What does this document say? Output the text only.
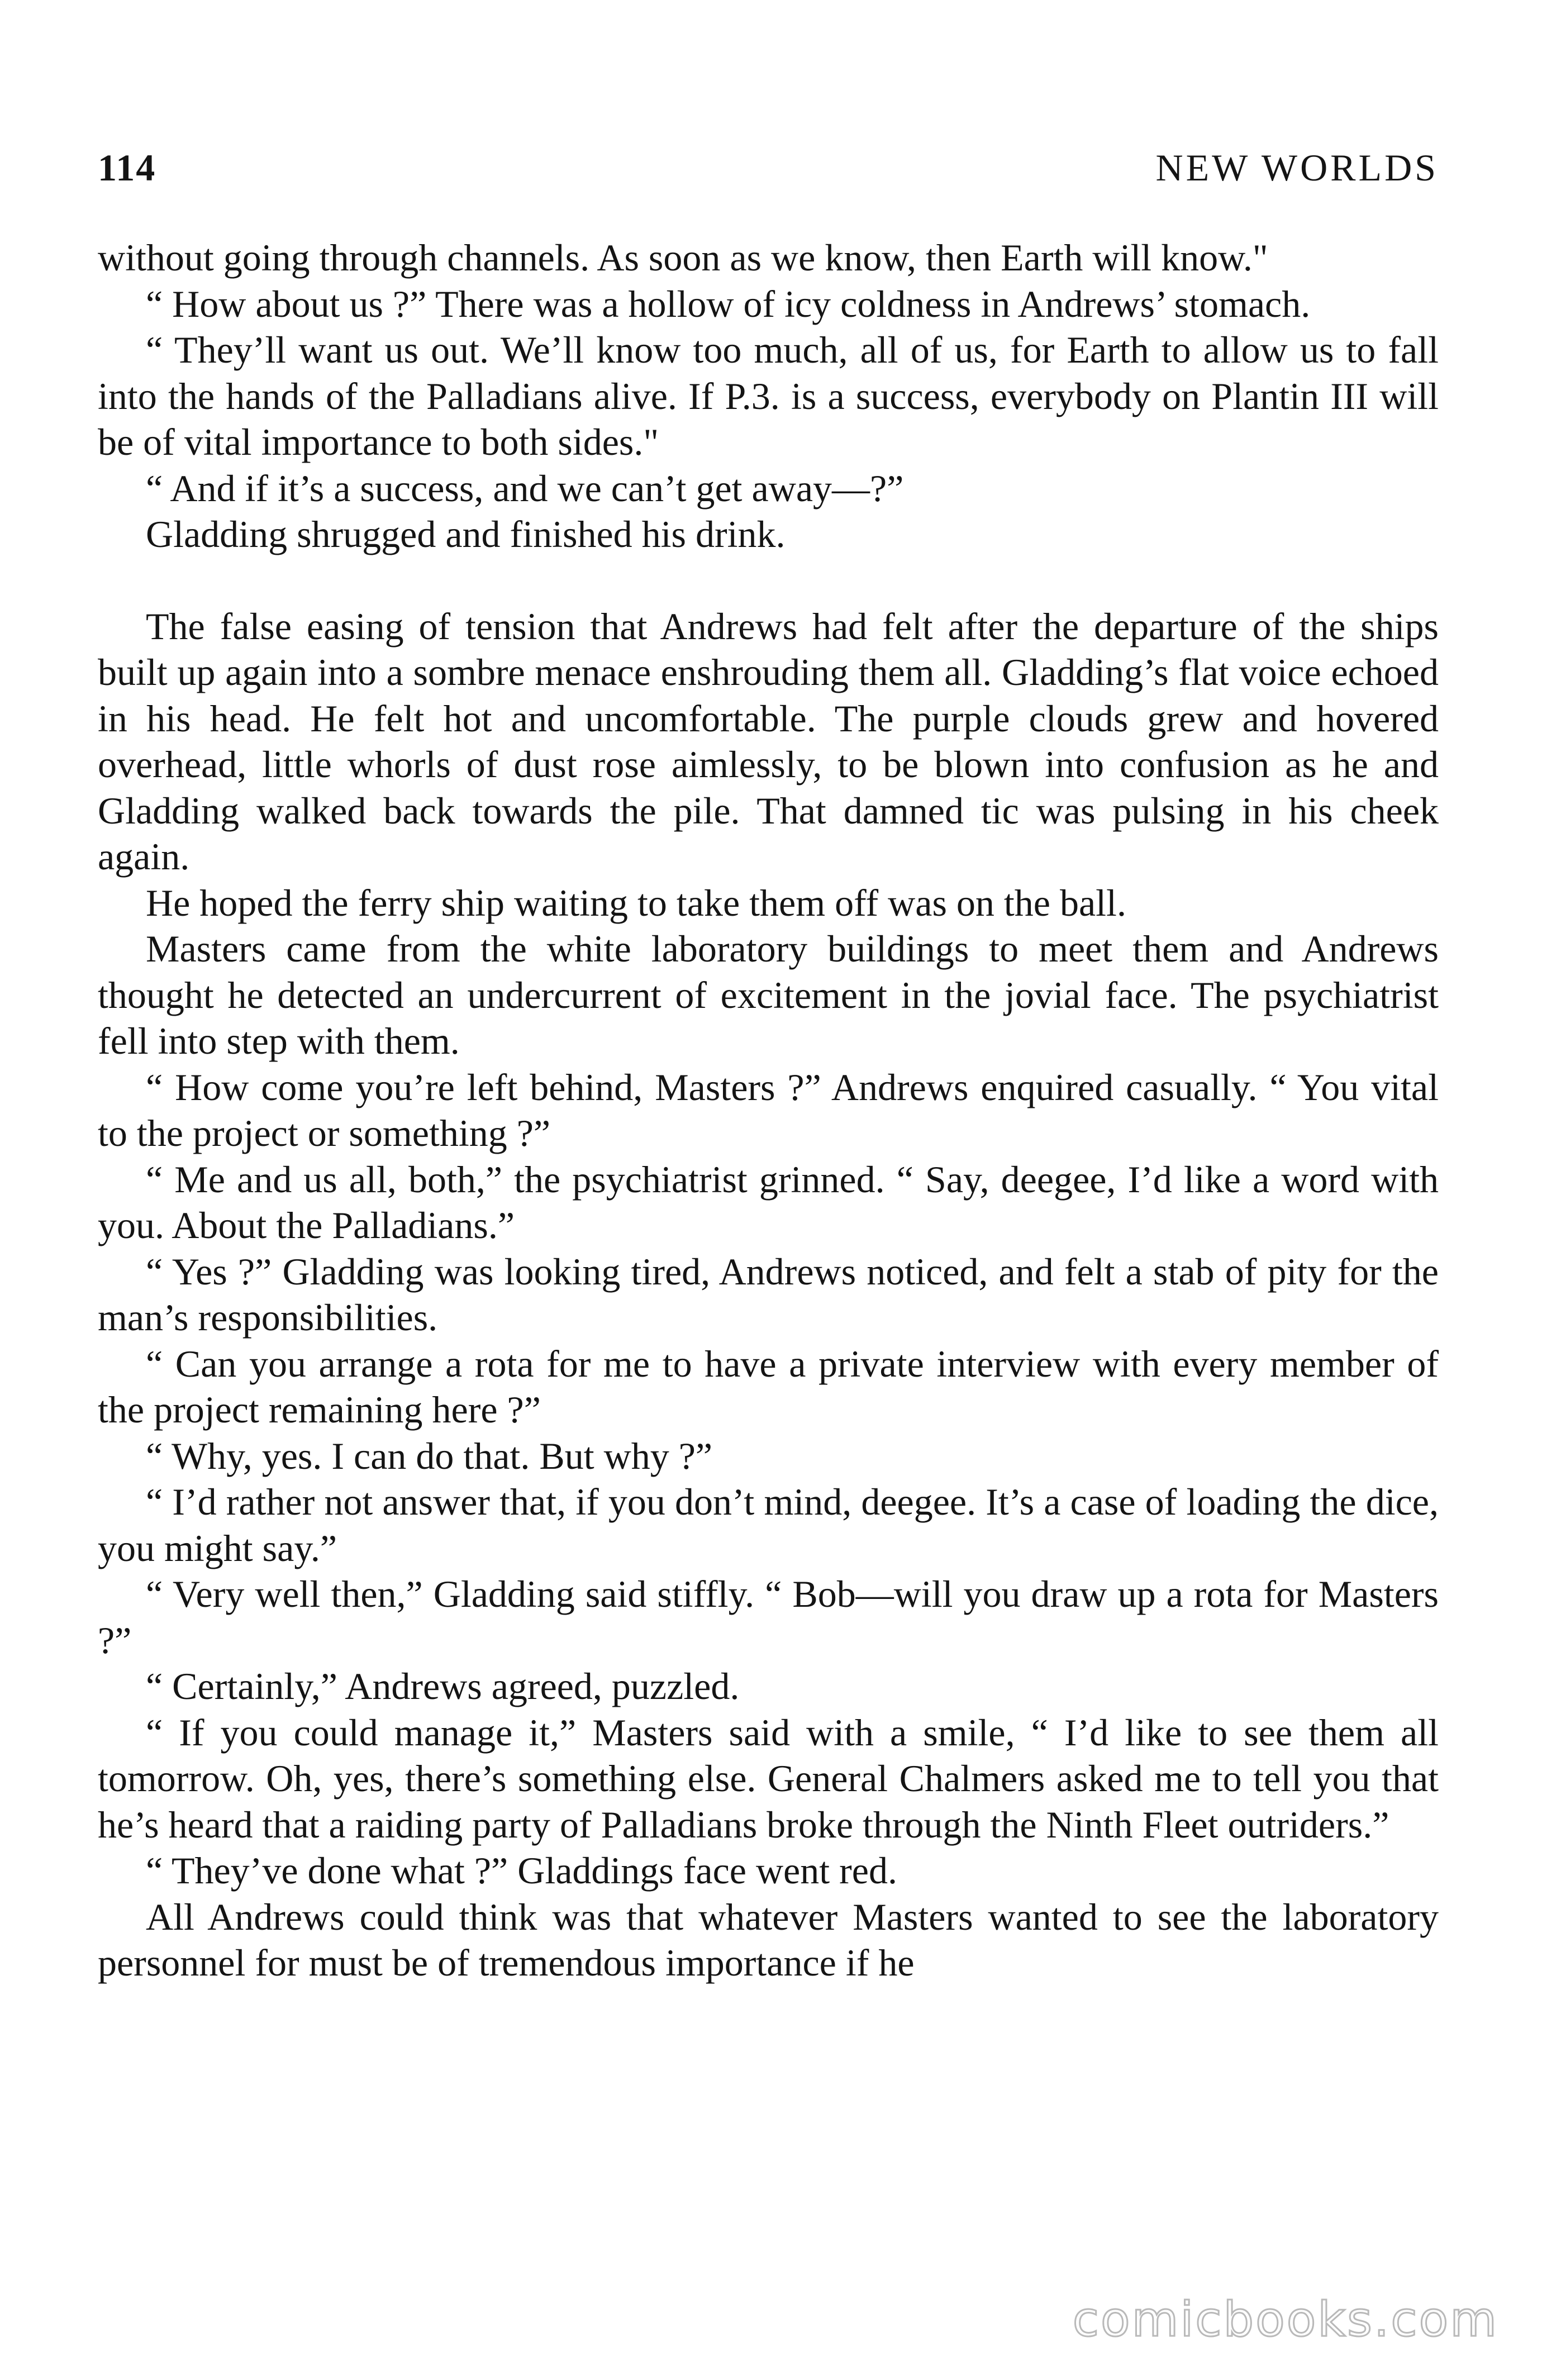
114	NEW WORLDS

without going through channels. As soon as we know, then Earth will know."

“ How about us ?” There was a hollow of icy coldness in Andrews’ stomach.

“ They’ll want us out. We’ll know too much, all of us, for Earth to allow us to fall into the hands of the Palladians alive. If P.3. is a success, everybody on Plantin III will be of vital importance to both sides."

“ And if it’s a success, and we can’t get away—?”

Gladding shrugged and finished his drink.

The false easing of tension that Andrews had felt after the departure of the ships built up again into a sombre menace enshrouding them all. Gladding’s flat voice echoed in his head. He felt hot and uncomfortable. The purple clouds grew and hovered overhead, little whorls of dust rose aimlessly, to be blown into confusion as he and Gladding walked back towards the pile. That damned tic was pulsing in his cheek again.

He hoped the ferry ship waiting to take them off was on the ball.

Masters came from the white laboratory buildings to meet them and Andrews thought he detected an undercurrent of excitement in the jovial face. The psychiatrist fell into step with them.

“ How come you’re left behind, Masters ?” Andrews enquired casually. “ You vital to the project or something ?”

“ Me and us all, both,” the psychiatrist grinned. “ Say, deegee, I’d like a word with you. About the Palladians.”

“ Yes ?” Gladding was looking tired, Andrews noticed, and felt a stab of pity for the man’s responsibilities.

“ Can you arrange a rota for me to have a private interview with every member of the project remaining here ?”

“ Why, yes. I can do that. But why ?”

“ I’d rather not answer that, if you don’t mind, deegee. It’s a case of loading the dice, you might say.”

“ Very well then,” Gladding said stiffly. “ Bob—will you draw up a rota for Masters ?”

“ Certainly,” Andrews agreed, puzzled.

“ If you could manage it,” Masters said with a smile, “ I’d like to see them all tomorrow. Oh, yes, there’s something else. General Chalmers asked me to tell you that he’s heard that a raiding party of Palladians broke through the Ninth Fleet outriders.”

“ They’ve done what ?” Gladdings face went red.

All Andrews could think was that whatever Masters wanted to see the laboratory personnel for must be of tremendous importance if he

comicbooks.com
